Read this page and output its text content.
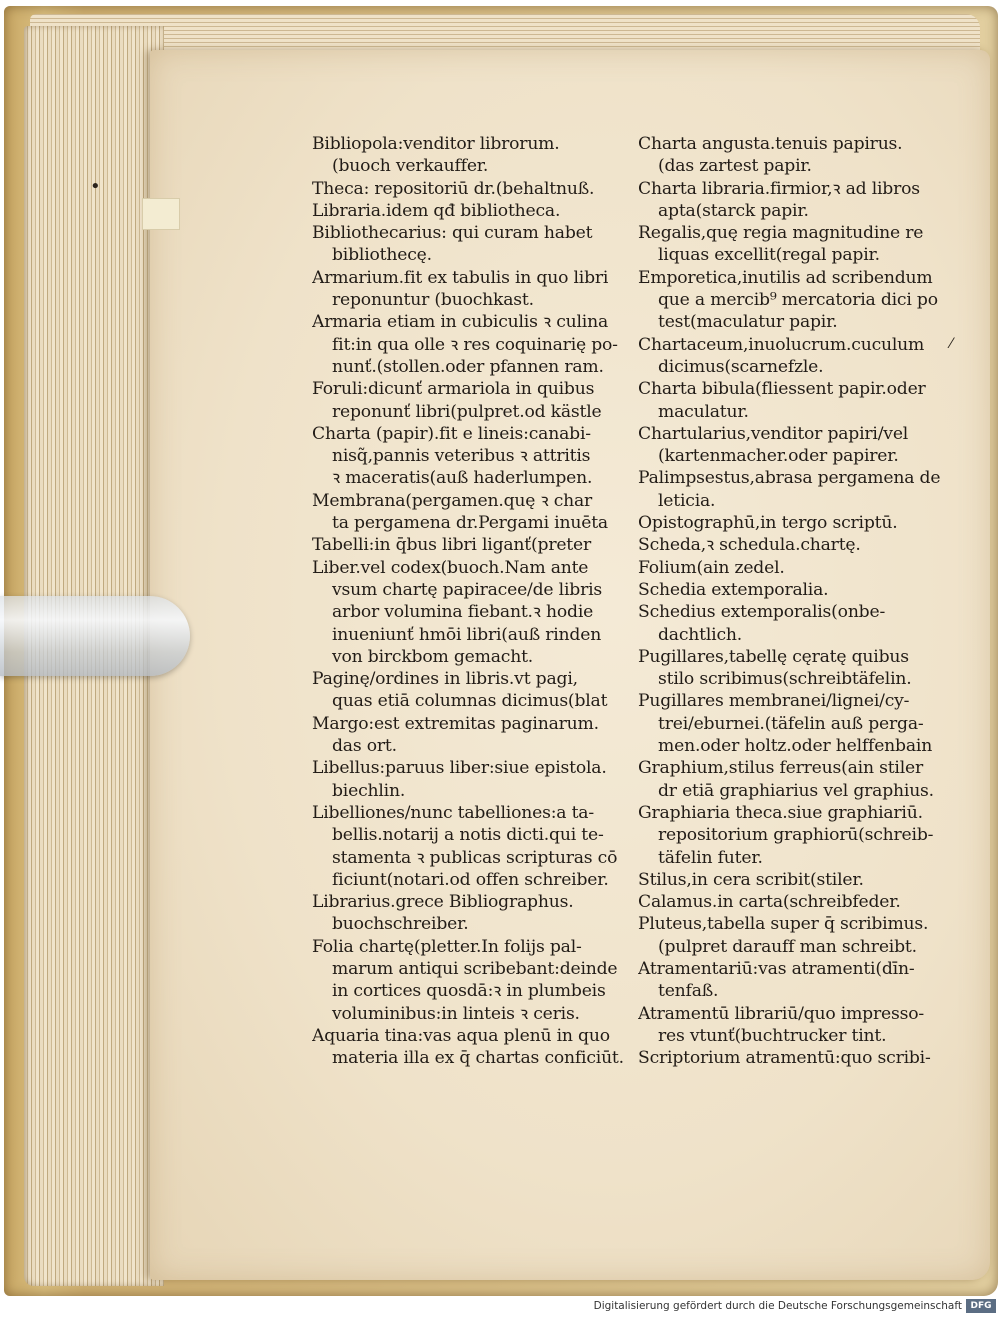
•
⁄
Bibliopola:venditor librorum.
(buoch verkauffer.
Theca: repositoriū dr.(behaltnuß.
Libraria.idem qđ bibliotheca.
Bibliothecarius: qui curam habet
bibliothecę.
Armarium.fit ex tabulis in quo libri
reponuntur (buochkast.
Armaria etiam in cubiculis ꝛ culina
fit:in qua olle ꝛ res coquinarię po-
nunť.(stollen.oder pfannen ram.
Foruli:dicunť armariola in quibus
reponunť libri(pulpret.od kästle
Charta (papir).fit e lineis:canabi-
nisq̃,pannis veteribus ꝛ attritis
ꝛ maceratis(auß haderlumpen.
Membrana(pergamen.quę ꝛ char
ta pergamena dr.Pergami inuēta
Tabelli:in q̄bus libri liganť(preter
Liber.vel codex(buoch.Nam ante
vsum chartę papiracee/de libris
arbor volumina fiebant.ꝛ hodie
inueniunť hmōi libri(auß rinden
von birckbom gemacht.
Paginę/ordines in libris.vt pagi,
quas etiā columnas dicimus(blat
Margo:est extremitas paginarum.
das ort.
Libellus:paruus liber:siue epistola.
biechlin.
Libelliones/nunc tabelliones:a ta-
bellis.notarij a notis dicti.qui te-
stamenta ꝛ publicas scripturas cō
ficiunt(notari.od offen schreiber.
Librarius.grece Bibliographus.
buochschreiber.
Folia chartę(pletter.In folijs pal-
marum antiqui scribebant:deinde
in cortices quosdā:ꝛ in plumbeis
voluminibus:in linteis ꝛ ceris.
Aquaria tina:vas aqua plenū in quo
materia illa ex q̄ chartas conficiūt.
Charta angusta.tenuis papirus.
(das zartest papir.
Charta libraria.firmior,ꝛ ad libros
apta(starck papir.
Regalis,quę regia magnitudine re
liquas excellit(regal papir.
Emporetica,inutilis ad scribendum
que a mercib⁹ mercatoria dici po
test(maculatur papir.
Chartaceum,inuolucrum.cuculum
dicimus(scarnefzle.
Charta bibula(fliessent papir.oder
maculatur.
Chartularius,venditor papiri/vel
(kartenmacher.oder papirer.
Palimpsestus,abrasa pergamena de
leticia.
Opistographū,in tergo scriptū.
Scheda,ꝛ schedula.chartę.
Folium(ain zedel.
Schedia extemporalia.
Schedius extemporalis(onbe-
dachtlich.
Pugillares,tabellę cęratę quibus
stilo scribimus(schreibtäfelin.
Pugillares membranei/lignei/cy-
trei/eburnei.(täfelin auß perga-
men.oder holtz.oder helffenbain
Graphium,stilus ferreus(ain stiler
dr etiā graphiarius vel graphius.
Graphiaria theca.siue graphiariū.
repositorium graphiorū(schreib-
täfelin futer.
Stilus,in cera scribit(stiler.
Calamus.in carta(schreibfeder.
Pluteus,tabella super q̄ scribimus.
(pulpret darauff man schreibt.
Atramentariū:vas atramenti(dīn-
tenfaß.
Atramentū librariū/quo impresso-
res vtunť(buchtrucker tint.
Scriptorium atramentū:quo scribi-
Digitalisierung gefördert durch die Deutsche Forschungsgemeinschaft DFG
